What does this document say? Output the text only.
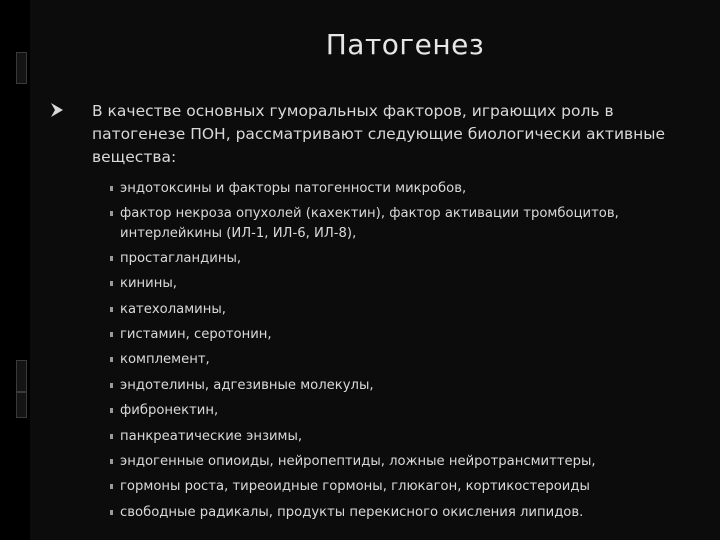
Патогенез
В качестве основных гуморальных факторов, играющих роль в патогенезе ПОН, рассматривают следующие биологически активные вещества:
эндотоксины и факторы патогенности микробов,
фактор некроза опухолей (кахектин), фактор активации тромбоцитов,
интерлейкины (ИЛ-1, ИЛ-6, ИЛ-8),
простагландины,
кинины,
катехоламины,
гистамин, серотонин,
комплемент,
эндотелины, адгезивные молекулы,
фибронектин,
панкреатические энзимы,
эндогенные опиоиды, нейропептиды, ложные нейротрансмиттеры,
гормоны роста, тиреоидные гормоны, глюкагон, кортикостероиды
свободные радикалы, продукты перекисного окисления липидов.
